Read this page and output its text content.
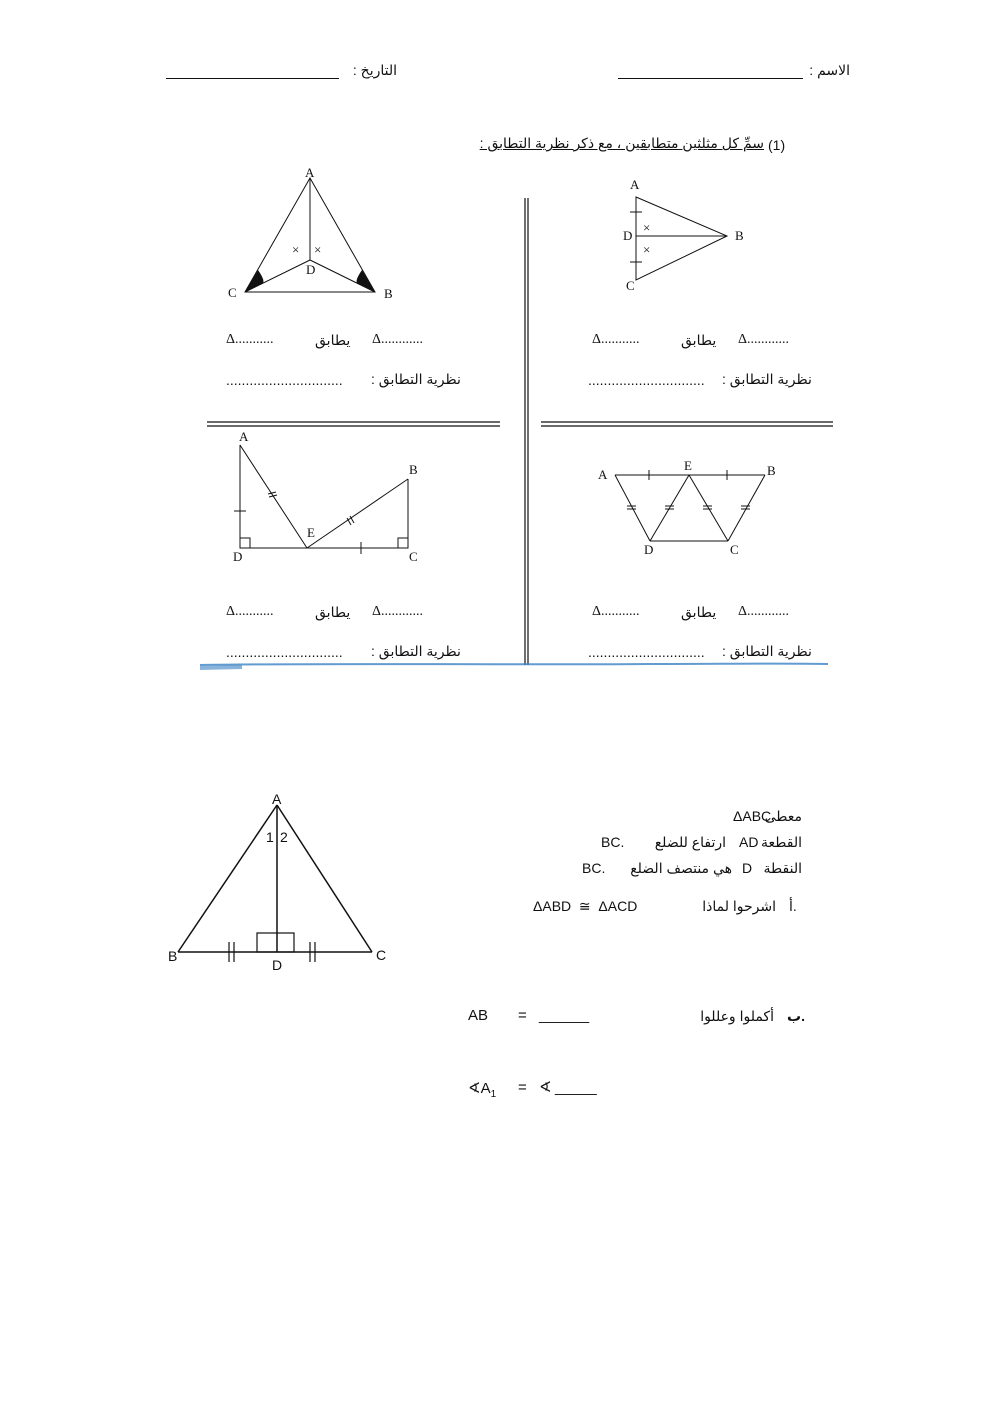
الاسم :
التاريخ :
(1)
سمِّ كل مثلثين متطابقين ، مع ذكر نظرية التطابق :
× ×
A
D
C	B
×
×
A
D	B
C
A
B
E
D	C
A
E	B
D	C
Δ...........	يطابق Δ............
.............................. نظرية التطابق :
Δ...........	يطابق Δ............
.............................. نظرية التطابق :
Δ...........	يطابق Δ............
.............................. نظرية التطابق :
Δ...........	يطابق Δ............
.............................. نظرية التطابق :
A
1 2
B
D
C
معطى
ΔABC
القطعة
AD
ارتفاع للضلع
BC.
النقطة
D
هي منتصف الضلع
BC.
أ.
اشرحوا لماذا
ΔABD  ≅  ΔACD
ب.
أكملوا وعللوا
AB = ______
$∢A_1$ = ∢ _____
